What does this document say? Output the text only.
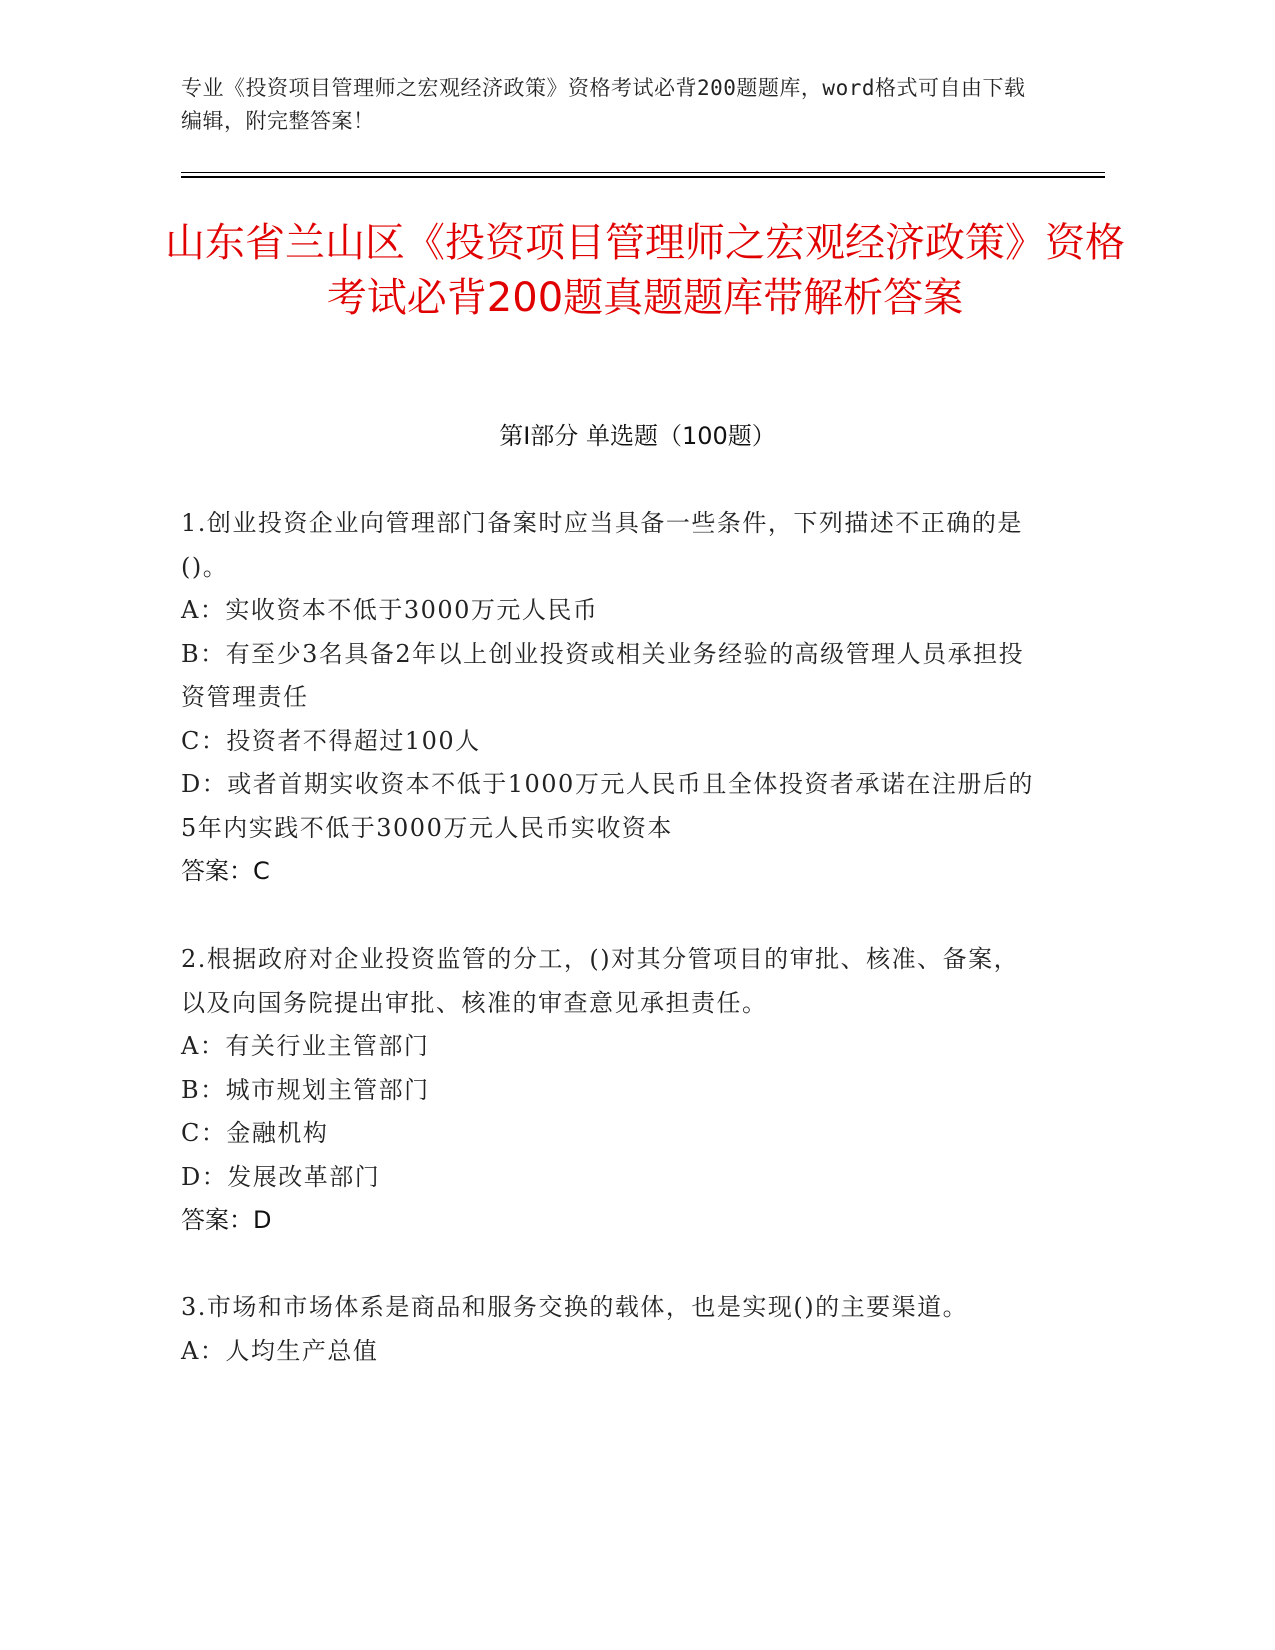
专业《投资项目管理师之宏观经济政策》资格考试必背200题题库，word格式可自由下载编辑，附完整答案！
山东省兰山区《投资项目管理师之宏观经济政策》资格考试必背200题真题题库带解析答案
第Ⅰ部分 单选题（100题）

1.创业投资企业向管理部门备案时应当具备一些条件，下列描述不正确的是()。

A：实收资本不低于3000万元人民币

B：有至少3名具备2年以上创业投资或相关业务经验的高级管理人员承担投资管理责任

C：投资者不得超过100人

D：或者首期实收资本不低于1000万元人民币且全体投资者承诺在注册后的5年内实践不低于3000万元人民币实收资本

答案：C

2.根据政府对企业投资监管的分工，()对其分管项目的审批、核准、备案，以及向国务院提出审批、核准的审查意见承担责任。

A：有关行业主管部门

B：城市规划主管部门

C：金融机构

D：发展改革部门

答案：D

3.市场和市场体系是商品和服务交换的载体，也是实现()的主要渠道。

A：人均生产总值
